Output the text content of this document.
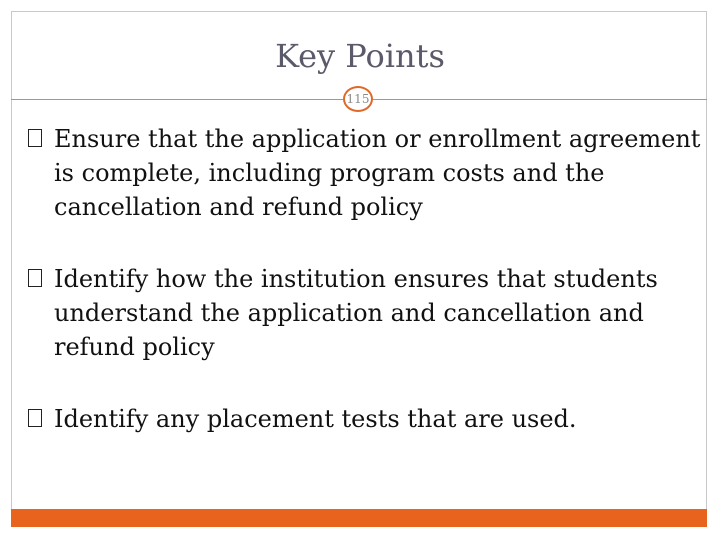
Key Points
115
Ensure that the application or enrollment agreement is complete, including program costs and the cancellation and refund policy
Identify how the institution ensures that students understand the application and cancellation and refund policy
Identify any placement tests that are used.
